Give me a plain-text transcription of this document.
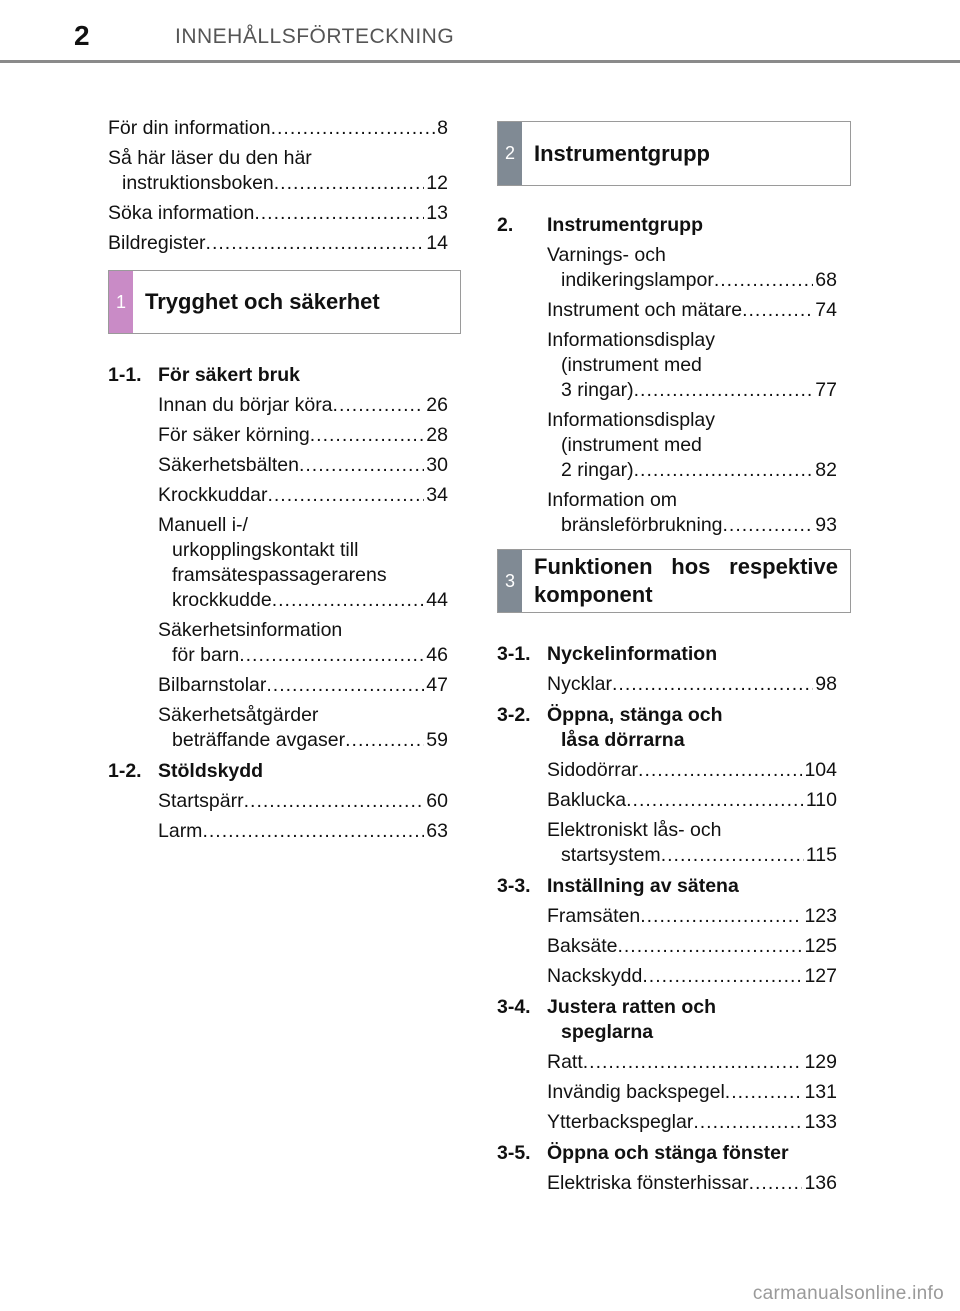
2	INNEHÅLLSFÖRTECKNING
För din information .....	8
Så här läser du den här
instruktionsboken .....	12
Söka information .....	13
Bildregister .....	14
1 Trygghet och säkerhet
1-1. För säkert bruk
Innan du börjar köra .....	26
För säker körning .....	28
Säkerhetsbälten .....	30
Krockkuddar .....	34
Manuell i-/
urkopplingskontakt till
framsätespassagerarens
krockkudde .....	44
Säkerhetsinformation
för barn .....	46
Bilbarnstolar .....	47
Säkerhetsåtgärder
beträffande avgaser .....	59
1-2. Stöldskydd
Startspärr .....	60
Larm .....	63
2 Instrumentgrupp
2.	Instrumentgrupp
Varnings- och
indikeringslampor .....	68
Instrument och mätare .....	74
Informationsdisplay
(instrument med
3 ringar) .....	77
Informationsdisplay
(instrument med
2 ringar) .....	82
Information om
bränsleförbrukning .....	93
3
Funktionen hos respektive komponent
3-1. Nyckelinformation
Nycklar .....	98
3-2. Öppna, stänga och
låsa dörrarna
Sidodörrar .....	104
Baklucka .....	110
Elektroniskt lås- och
startsystem .....	115
3-3. Inställning av sätena
Framsäten .....	123
Baksäte .....	125
Nackskydd .....	127
3-4. Justera ratten och
speglarna
Ratt .....	129
Invändig backspegel .....	131
Ytterbackspeglar .....	133
3-5. Öppna och stänga fönster
Elektriska fönsterhissar .....	136
carmanualsonline.info
